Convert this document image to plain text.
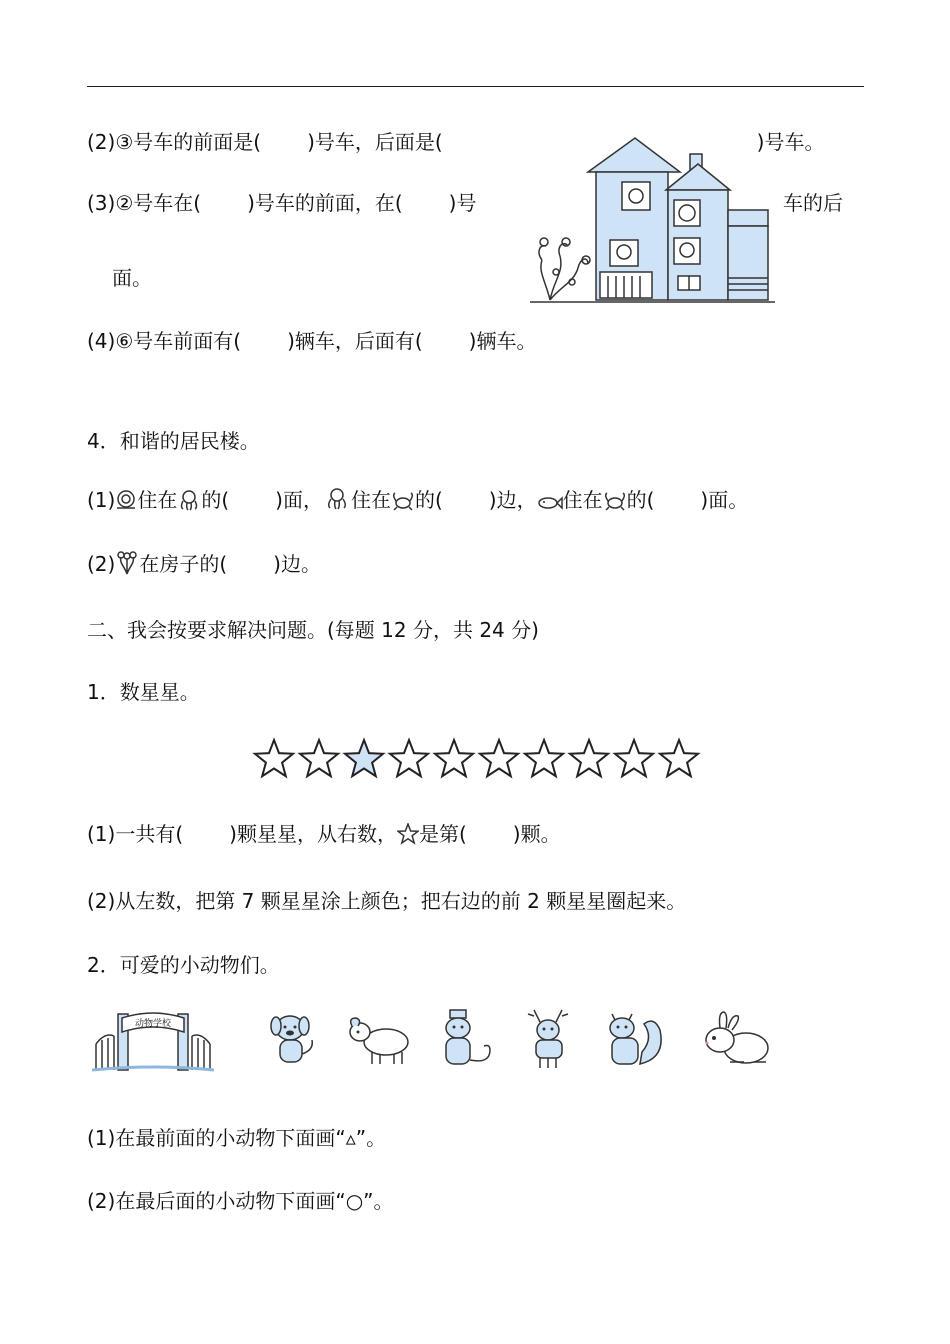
(2)③号车的前面是( )号车，后面是(	)号车。
(3)②号车在( )号车的前面，在( )号	车的后
面。
(4)⑥号车前面有( )辆车，后面有( )辆车。
4．和谐的居民楼。
(1) 住在 的( )面， 住在 的( )边， 住在 的( )面。
(2) 在房子的( )边。
二、我会按要求解决问题。(每题 12 分，共 24 分)
1．数星星。
(1)一共有( )颗星星，从右数， 是第( )颗。
(2)从左数，把第 7 颗星星涂上颜色；把右边的前 2 颗星星圈起来。
2．可爱的小动物们。
动物学校
(1)在最前面的小动物下面画“▵”。
(2)在最后面的小动物下面画“○”。
